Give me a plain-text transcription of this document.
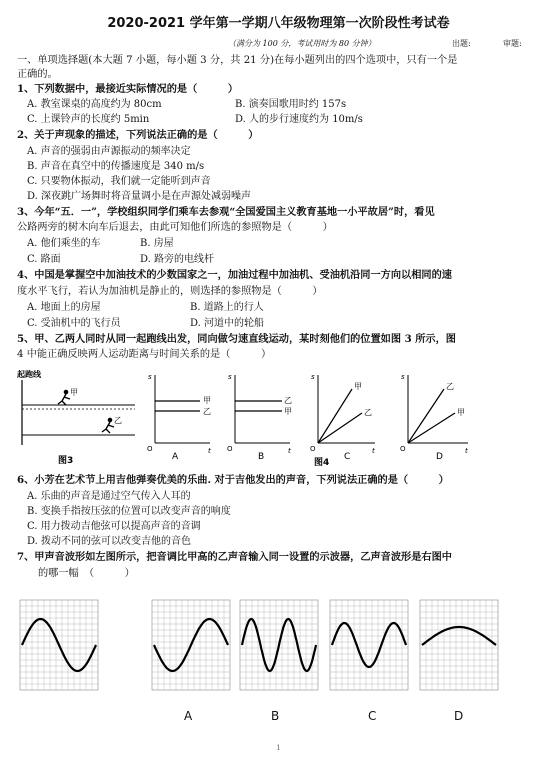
2020-2021 学年第一学期八年级物理第一次阶段性考试卷
（满分为 100 分，考试用时为 80 分钟）	出题:	审题:
一、单项选择题(本大题 7 小题，每小题 3 分，共 21 分)在每小题列出的四个选项中，只有一个是
正确的。
1、下列数据中，最接近实际情况的是（　　　）
A. 教室课桌的高度约为 80cm	B. 演奏国歌用时约 157s
C. 上课铃声的长度约 5min	D. 人的步行速度约为 10m/s
2、关于声现象的描述，下列说法正确的是（　　　）
A. 声音的强弱由声源振动的频率决定
B. 声音在真空中的传播速度是 340 m/s
C. 只要物体振动，我们就一定能听到声音
D. 深夜跳广场舞时将音量调小是在声源处减弱噪声
3、今年“五．一”，学校组织同学们乘车去参观“全国爱国主义教育基地一小平故居”时，看见
公路两旁的树木向车后退去，由此可知他们所选的参照物是（　　　）
A. 他们乘坐的车	B. 房屋
C. 路面	D. 路旁的电线杆
4、中国是掌握空中加油技术的少数国家之一，加油过程中加油机、受油机沿同一方向以相同的速
度水平飞行，若认为加油机是静止的，则选择的参照物是（　　　）
A. 地面上的房屋	B. 道路上的行人
C. 受油机中的飞行员	D. 河道中的轮船
5、甲、乙两人同时从同一起跑线出发，同向做匀速直线运动，某时刻他们的位置如图 3 所示，图
4 中能正确反映两人运动距离与时间关系的是（　　　）
起跑线
甲
乙
图3
s
t
O
甲
乙
A
s
t
O
乙
甲
B
s
t
O
甲
乙
C
s
t
O
乙
甲
D
图4
6、小芳在艺术节上用吉他弹奏优美的乐曲. 对于吉他发出的声音，下列说法正确的是（　　　）
A. 乐曲的声音是通过空气传入人耳的
B. 变换手指按压弦的位置可以改变声音的响度
C. 用力拨动吉他弦可以提高声音的音调
D. 拨动不同的弦可以改变吉他的音色
7、甲声音波形如左图所示，把音调比甲高的乙声音输入同一设置的示波器，乙声音波形是右图中
的哪一幅　（　　　）
A	B	C	D
1
